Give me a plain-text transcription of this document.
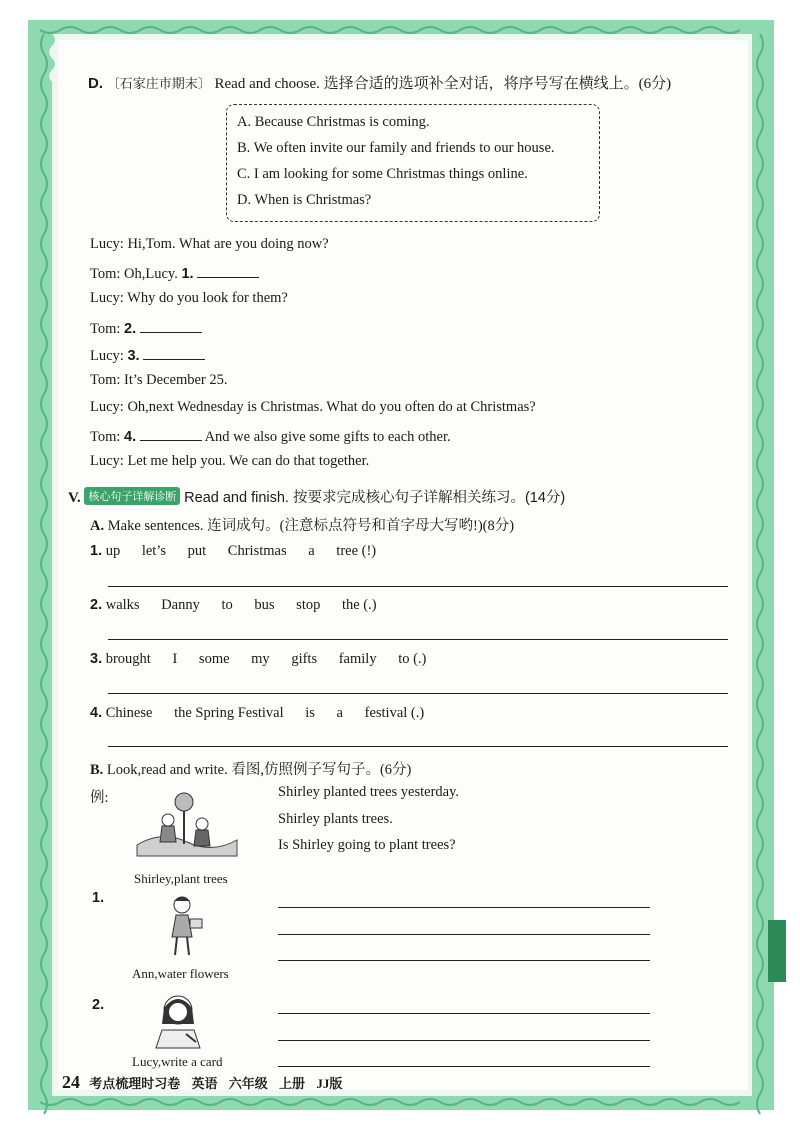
D. 〔石家庄市期末〕 Read and choose. 选择合适的选项补全对话，将序号写在横线上。(6分)
A. Because Christmas is coming.
B. We often invite our family and friends to our house.
C. I am looking for some Christmas things online.
D. When is Christmas?
Lucy: Hi,Tom. What are you doing now?
Tom: Oh,Lucy. 1.
Lucy: Why do you look for them?
Tom: 2.
Lucy: 3.
Tom: It’s December 25.
Lucy: Oh,next Wednesday is Christmas. What do you often do at Christmas?
Tom: 4.	And we also give some gifts to each other.
Lucy: Let me help you. We can do that together.
V. 核心句子详解诊断 Read and finish. 按要求完成核心句子详解相关练习。(14分)
A. Make sentences. 连词成句。(注意标点符号和首字母大写哟!)(8分)
1. up let’s put Christmas a tree (!)
2. walks Danny to bus stop the (.)
3. brought I some my gifts family to (.)
4. Chinese the Spring Festival is a festival (.)
B. Look,read and write. 看图,仿照例子写句子。(6分)
例:
Shirley,plant trees
Shirley planted trees yesterday.
Shirley plants trees.
Is Shirley going to plant trees?
1.
Ann,water flowers
2.
Lucy,write a card
24 考点梳理时习卷 英语 六年级 上册 JJ版
